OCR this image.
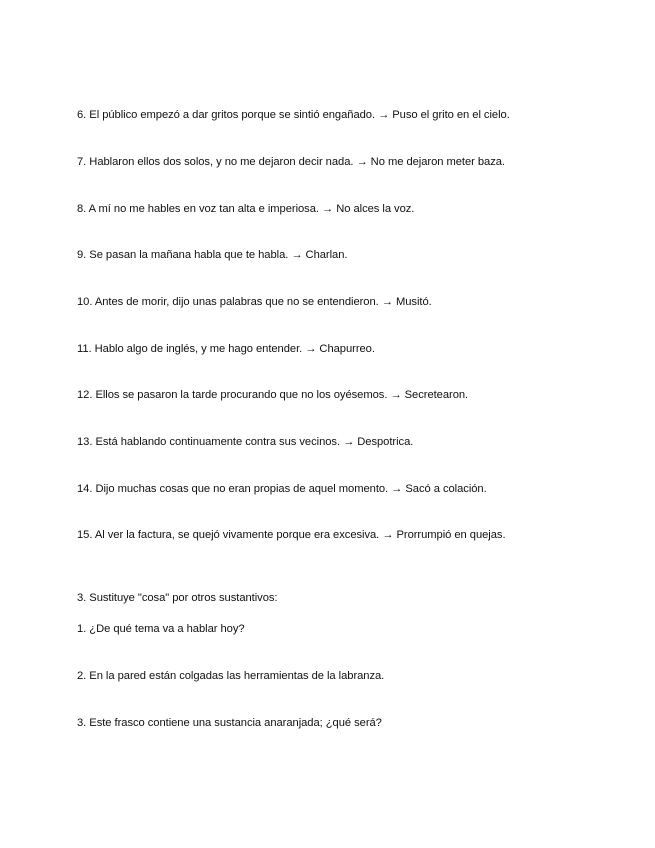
6. El público empezó a dar gritos porque se sintió engañado. → Puso el grito en el cielo.
7. Hablaron ellos dos solos, y no me dejaron decir nada. → No me dejaron meter baza.
8. A mí no me hables en voz tan alta e imperiosa. → No alces la voz.
9. Se pasan la mañana habla que te habla. → Charlan.
10. Antes de morir, dijo unas palabras que no se entendieron. → Musitó.
11. Hablo algo de inglés, y me hago entender. → Chapurreo.
12. Ellos se pasaron la tarde procurando que no los oyésemos. → Secretearon.
13. Está hablando continuamente contra sus vecinos. → Despotrica.
14. Dijo muchas cosas que no eran propias de aquel momento. → Sacó a colación.
15. Al ver la factura, se quejó vivamente porque era excesiva. → Prorrumpió en quejas.
3. Sustituye "cosa" por otros sustantivos:
1. ¿De qué tema va a hablar hoy?
2. En la pared están colgadas las herramientas de la labranza.
3. Este frasco contiene una sustancia anaranjada; ¿qué será?
